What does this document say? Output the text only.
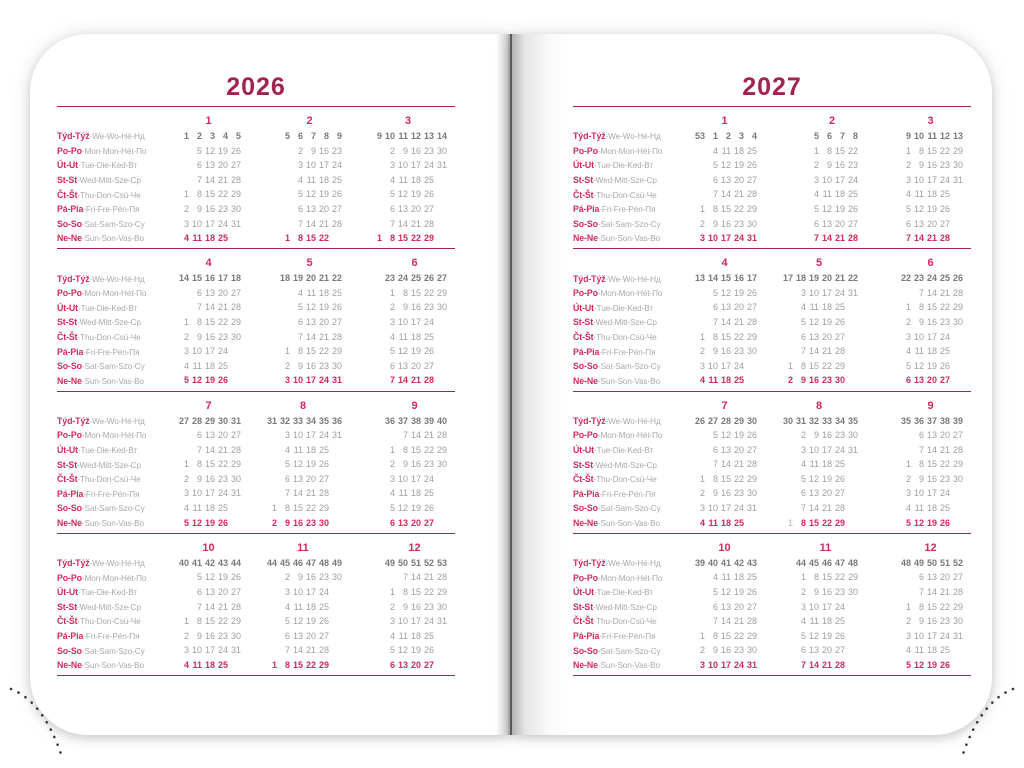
2026
1	2	3
Týd-Týž-We-Wo-Hé-Нд	1 2 3 4 5	5 6 7 8 9	9 10 11 12 13 14
Po-Po-Mon-Mon-Hét-По	5 12 19 26	2 9 16 23	2 9 16 23 30
Út-Ut-Tue-Die-Ked-Вт	6 13 20 27	3 10 17 24	3 10 17 24 31
St-St-Wed-Mitt-Sze-Ср	7 14 21 28	4 11 18 25	4 11 18 25
Čt-Št-Thu-Don-Csü-Че	1 8 15 22 29	5 12 19 26	5 12 19 26
Pá-Pia-Fri-Fre-Pén-Пя	2 9 16 23 30	6 13 20 27	6 13 20 27
So-So-Sat-Sam-Szo-Су	3 10 17 24 31	7 14 21 28	7 14 21 28
Ne-Ne-Sun-Son-Vas-Во	4 11 18 25	1 8 15 22	1 8 15 22 29
4	5	6
Týd-Týž-We-Wo-Hé-Нд	14 15 16 17 18	18 19 20 21 22	23 24 25 26 27
Po-Po-Mon-Mon-Hét-По	6 13 20 27	4 11 18 25	1 8 15 22 29
Út-Ut-Tue-Die-Ked-Вт	7 14 21 28	5 12 19 26	2 9 16 23 30
St-St-Wed-Mitt-Sze-Ср	1 8 15 22 29	6 13 20 27	3 10 17 24
Čt-Št-Thu-Don-Csü-Че	2 9 16 23 30	7 14 21 28	4 11 18 25
Pá-Pia-Fri-Fre-Pén-Пя	3 10 17 24	1 8 15 22 29	5 12 19 26
So-So-Sat-Sam-Szo-Су	4 11 18 25	2 9 16 23 30	6 13 20 27
Ne-Ne-Sun-Son-Vas-Во	5 12 19 26	3 10 17 24 31	7 14 21 28
7	8	9
Týd-Týž-We-Wo-Hé-Нд	27 28 29 30 31	31 32 33 34 35 36	36 37 38 39 40
Po-Po-Mon-Mon-Hét-По	6 13 20 27	3 10 17 24 31	7 14 21 28
Út-Ut-Tue-Die-Ked-Вт	7 14 21 28	4 11 18 25	1 8 15 22 29
St-St-Wed-Mitt-Sze-Ср	1 8 15 22 29	5 12 19 26	2 9 16 23 30
Čt-Št-Thu-Don-Csü-Че	2 9 16 23 30	6 13 20 27	3 10 17 24
Pá-Pia-Fri-Fre-Pén-Пя	3 10 17 24 31	7 14 21 28	4 11 18 25
So-So-Sat-Sam-Szo-Су	4 11 18 25	1 8 15 22 29	5 12 19 26
Ne-Ne-Sun-Son-Vas-Во	5 12 19 26	2 9 16 23 30	6 13 20 27
10	11	12
Týd-Týž-We-Wo-Hé-Нд	40 41 42 43 44	44 45 46 47 48 49	49 50 51 52 53
Po-Po-Mon-Mon-Hét-По	5 12 19 26	2 9 16 23 30	7 14 21 28
Út-Ut-Tue-Die-Ked-Вт	6 13 20 27	3 10 17 24	1 8 15 22 29
St-St-Wed-Mitt-Sze-Ср	7 14 21 28	4 11 18 25	2 9 16 23 30
Čt-Št-Thu-Don-Csü-Че	1 8 15 22 29	5 12 19 26	3 10 17 24 31
Pá-Pia-Fri-Fre-Pén-Пя	2 9 16 23 30	6 13 20 27	4 11 18 25
So-So-Sat-Sam-Szo-Су	3 10 17 24 31	7 14 21 28	5 12 19 26
Ne-Ne-Sun-Son-Vas-Во	4 11 18 25	1 8 15 22 29	6 13 20 27
2027
1	2	3
Týd-Týž-We-Wo-Hé-Нд	53 1 2 3 4	5 6 7 8	9 10 11 12 13
Po-Po-Mon-Mon-Hét-По	4 11 18 25	1 8 15 22	1 8 15 22 29
Út-Ut-Tue-Die-Ked-Вт	5 12 19 26	2 9 16 23	2 9 16 23 30
St-St-Wed-Mitt-Sze-Ср	6 13 20 27	3 10 17 24	3 10 17 24 31
Čt-Št-Thu-Don-Csü-Че	7 14 21 28	4 11 18 25	4 11 18 25
Pá-Pia-Fri-Fre-Pén-Пя	1 8 15 22 29	5 12 19 26	5 12 19 26
So-So-Sat-Sam-Szo-Су	2 9 16 23 30	6 13 20 27	6 13 20 27
Ne-Ne-Sun-Son-Vas-Во	3 10 17 24 31	7 14 21 28	7 14 21 28
4	5	6
Týd-Týž-We-Wo-Hé-Нд	13 14 15 16 17	17 18 19 20 21 22	22 23 24 25 26
Po-Po-Mon-Mon-Hét-По	5 12 19 26	3 10 17 24 31	7 14 21 28
Út-Ut-Tue-Die-Ked-Вт	6 13 20 27	4 11 18 25	1 8 15 22 29
St-St-Wed-Mitt-Sze-Ср	7 14 21 28	5 12 19 26	2 9 16 23 30
Čt-Št-Thu-Don-Csü-Че	1 8 15 22 29	6 13 20 27	3 10 17 24
Pá-Pia-Fri-Fre-Pén-Пя	2 9 16 23 30	7 14 21 28	4 11 18 25
So-So-Sat-Sam-Szo-Су	3 10 17 24	1 8 15 22 29	5 12 19 26
Ne-Ne-Sun-Son-Vas-Во	4 11 18 25	2 9 16 23 30	6 13 20 27
7	8	9
Týd-Týž-We-Wo-Hé-Нд	26 27 28 29 30	30 31 32 33 34 35	35 36 37 38 39
Po-Po-Mon-Mon-Hét-По	5 12 19 26	2 9 16 23 30	6 13 20 27
Út-Ut-Tue-Die-Ked-Вт	6 13 20 27	3 10 17 24 31	7 14 21 28
St-St-Wed-Mitt-Sze-Ср	7 14 21 28	4 11 18 25	1 8 15 22 29
Čt-Št-Thu-Don-Csü-Че	1 8 15 22 29	5 12 19 26	2 9 16 23 30
Pá-Pia-Fri-Fre-Pén-Пя	2 9 16 23 30	6 13 20 27	3 10 17 24
So-So-Sat-Sam-Szo-Су	3 10 17 24 31	7 14 21 28	4 11 18 25
Ne-Ne-Sun-Son-Vas-Во	4 11 18 25	1 8 15 22 29	5 12 19 26
10	11	12
Týd-Týž-We-Wo-Hé-Нд	39 40 41 42 43	44 45 46 47 48	48 49 50 51 52
Po-Po-Mon-Mon-Hét-По	4 11 18 25	1 8 15 22 29	6 13 20 27
Út-Ut-Tue-Die-Ked-Вт	5 12 19 26	2 9 16 23 30	7 14 21 28
St-St-Wed-Mitt-Sze-Ср	6 13 20 27	3 10 17 24	1 8 15 22 29
Čt-Št-Thu-Don-Csü-Че	7 14 21 28	4 11 18 25	2 9 16 23 30
Pá-Pia-Fri-Fre-Pén-Пя	1 8 15 22 29	5 12 19 26	3 10 17 24 31
So-So-Sat-Sam-Szo-Су	2 9 16 23 30	6 13 20 27	4 11 18 25
Ne-Ne-Sun-Son-Vas-Во	3 10 17 24 31	7 14 21 28	5 12 19 26
